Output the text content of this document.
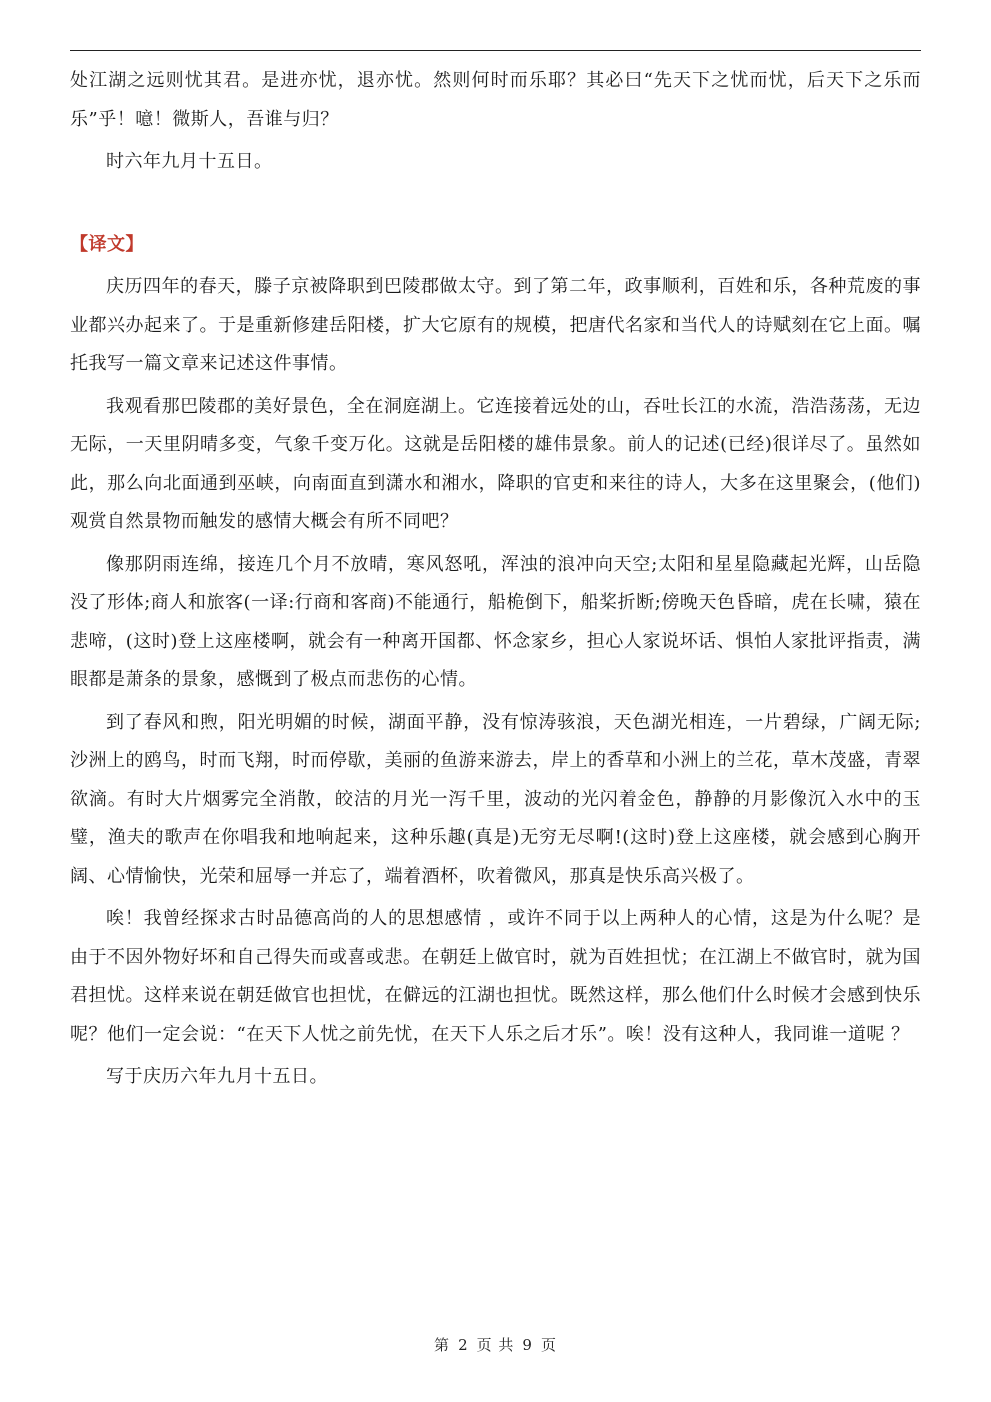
处江湖之远则忧其君。是进亦忧，退亦忧。然则何时而乐耶？其必曰“先天下之忧而忧，后天下之乐而乐”乎！噫！微斯人，吾谁与归？

时六年九月十五日。

【译文】

庆历四年的春天，滕子京被降职到巴陵郡做太守。到了第二年，政事顺利，百姓和乐，各种荒废的事业都兴办起来了。于是重新修建岳阳楼，扩大它原有的规模，把唐代名家和当代人的诗赋刻在它上面。嘱托我写一篇文章来记述这件事情。

我观看那巴陵郡的美好景色，全在洞庭湖上。它连接着远处的山，吞吐长江的水流，浩浩荡荡，无边无际，一天里阴晴多变，气象千变万化。这就是岳阳楼的雄伟景象。前人的记述(已经)很详尽了。虽然如此，那么向北面通到巫峡，向南面直到潇水和湘水，降职的官吏和来往的诗人，大多在这里聚会，(他们)观赏自然景物而触发的感情大概会有所不同吧？

像那阴雨连绵，接连几个月不放晴，寒风怒吼，浑浊的浪冲向天空;太阳和星星隐藏起光辉，山岳隐没了形体;商人和旅客(一译:行商和客商)不能通行，船桅倒下，船桨折断;傍晚天色昏暗，虎在长啸，猿在悲啼，(这时)登上这座楼啊，就会有一种离开国都、怀念家乡，担心人家说坏话、惧怕人家批评指责，满眼都是萧条的景象，感慨到了极点而悲伤的心情。

到了春风和煦，阳光明媚的时候，湖面平静，没有惊涛骇浪，天色湖光相连，一片碧绿，广阔无际;沙洲上的鸥鸟，时而飞翔，时而停歇，美丽的鱼游来游去，岸上的香草和小洲上的兰花，草木茂盛，青翠欲滴。有时大片烟雾完全消散，皎洁的月光一泻千里，波动的光闪着金色，静静的月影像沉入水中的玉璧，渔夫的歌声在你唱我和地响起来，这种乐趣(真是)无穷无尽啊!(这时)登上这座楼，就会感到心胸开阔、心情愉快，光荣和屈辱一并忘了，端着酒杯，吹着微风，那真是快乐高兴极了。

唉！我曾经探求古时品德高尚的人的思想感情 ，或许不同于以上两种人的心情，这是为什么呢？是由于不因外物好坏和自己得失而或喜或悲。在朝廷上做官时，就为百姓担忧；在江湖上不做官时，就为国君担忧。这样来说在朝廷做官也担忧，在僻远的江湖也担忧。既然这样，那么他们什么时候才会感到快乐呢？他们一定会说：“在天下人忧之前先忧，在天下人乐之后才乐”。唉！没有这种人，我同谁一道呢 ？

写于庆历六年九月十五日。

第 2 页 共 9 页
